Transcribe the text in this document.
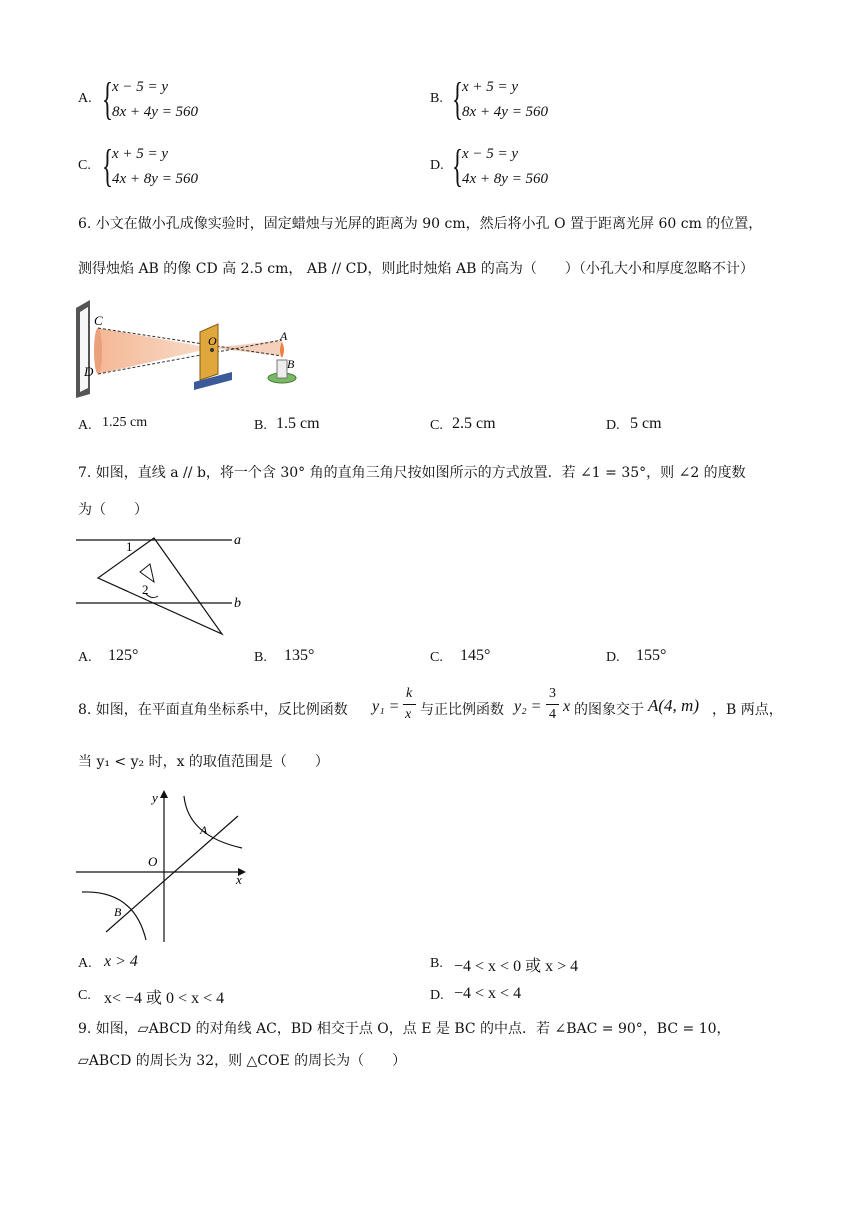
A. {
x − 5 = y
8x + 4y = 560
B. {
x + 5 = y
8x + 4y = 560
C. {
x + 5 = y
4x + 8y = 560
D. {
x − 5 = y
4x + 8y = 560
6. 小文在做小孔成像实验时，固定蜡烛与光屏的距离为 90 cm，然后将小孔 O 置于距离光屏 60 cm 的位置，
测得烛焰 AB 的像 CD 高 2.5 cm， AB // CD，则此时烛焰 AB 的高为（　　）（小孔大小和厚度忽略不计）
C
D
O	A
B
A. 1.25 cm	B. 1.5 cm	C. 2.5 cm	D. 5 cm
7. 如图，直线 a // b，将一个含 30° 角的直角三角尺按如图所示的方式放置．若 ∠1 = 35°，则 ∠2 的度数
为（　　）
a
b
1
2
A. 125°	B. 135°	C. 145°	D. 155°
8. 如图，在平面直角坐标系中，反比例函数 y₁ =
k
x 与正比例函数 y₂ =
3
4 x 的图象交于 A(4, m) ，B 两点，
当 y₁ < y₂ 时，x 的取值范围是（　　）
y
x
O
A
B
A. x > 4	B. −4 < x < 0 或 x > 4
C. x< −4 或 0 < x < 4	D. −4 < x < 4
9. 如图，▱ABCD 的对角线 AC，BD 相交于点 O，点 E 是 BC 的中点．若 ∠BAC = 90°，BC = 10，
▱ABCD 的周长为 32，则 △COE 的周长为（　　）
